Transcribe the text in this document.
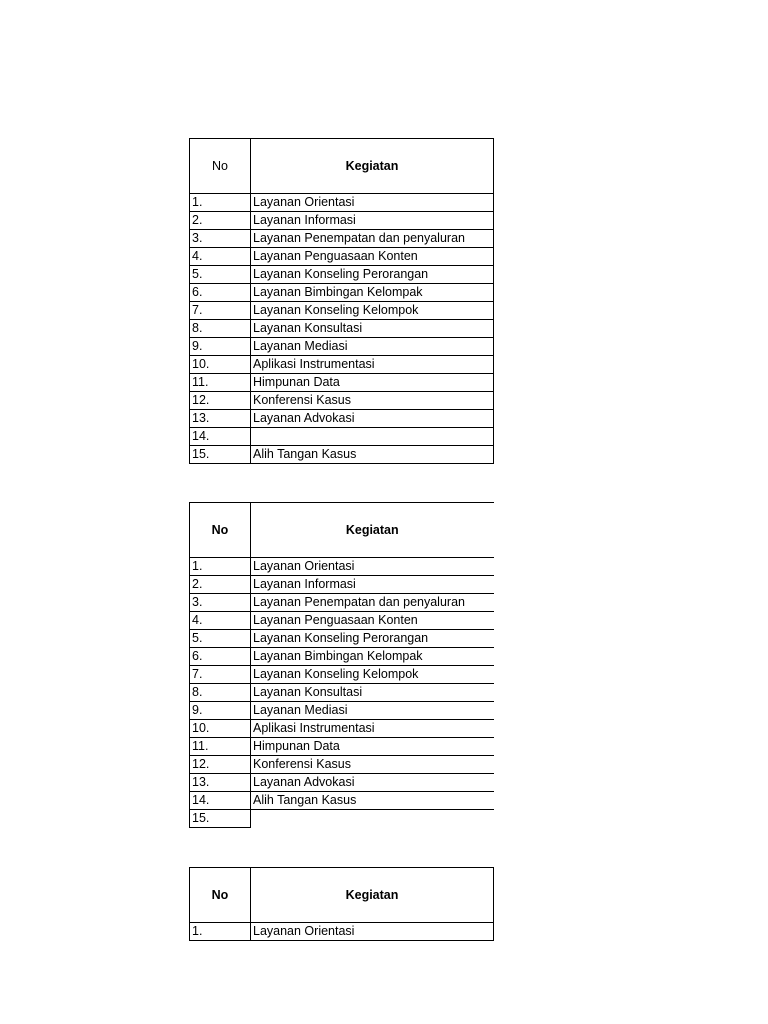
No	Kegiatan
1.	Layanan Orientasi
2.	Layanan Informasi
3.	Layanan Penempatan dan penyaluran
4.	Layanan Penguasaan Konten
5.	Layanan Konseling Perorangan
6.	Layanan Bimbingan Kelompak
7.	Layanan Konseling Kelompok
8.	Layanan Konsultasi
9.	Layanan Mediasi
10.	Aplikasi Instrumentasi
11.	Himpunan Data
12.	Konferensi Kasus
13.	Layanan Advokasi
14.	
15.	Alih Tangan Kasus
No	Kegiatan
1.	Layanan Orientasi
2.	Layanan Informasi
3.	Layanan Penempatan dan penyaluran
4.	Layanan Penguasaan Konten
5.	Layanan Konseling Perorangan
6.	Layanan Bimbingan Kelompak
7.	Layanan Konseling Kelompok
8.	Layanan Konsultasi
9.	Layanan Mediasi
10.	Aplikasi Instrumentasi
11.	Himpunan Data
12.	Konferensi Kasus
13.	Layanan Advokasi
14.	Alih Tangan Kasus
15.	
No	Kegiatan
1.	Layanan Orientasi
